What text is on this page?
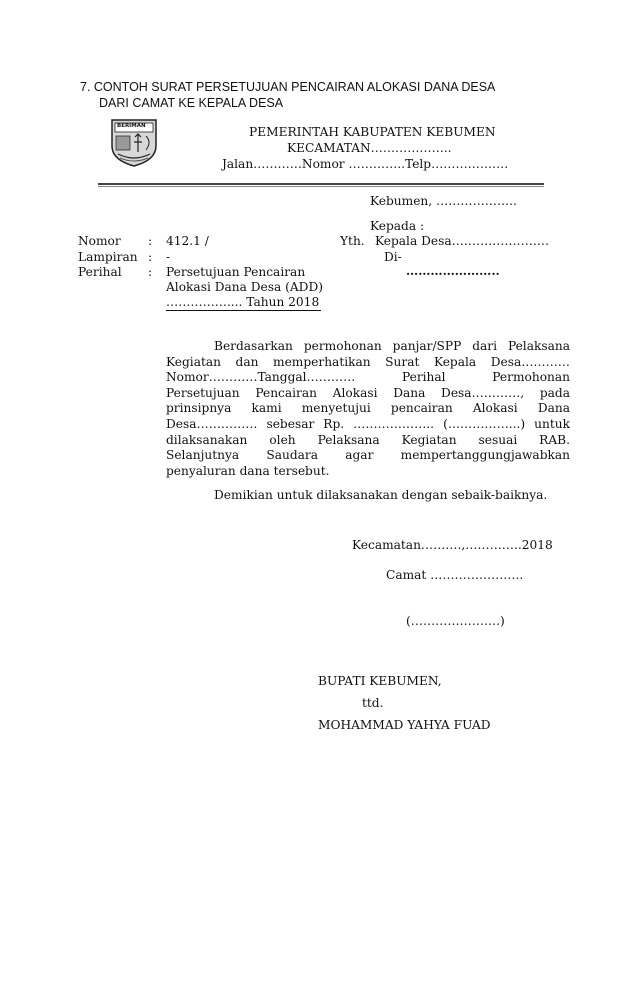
7. CONTOH SURAT PERSETUJUAN PENCAIRAN ALOKASI DANA DESA
DARI CAMAT KE KEPALA DESA
BERIMAN	PEMERINTAH KABUPATEN KEBUMEN
KECAMATAN………………..
Jalan…………Nomor …………..Telp……………….
Kebumen, ………………..
Kepada :
Yth. Kepala Desa……………………
Di-
…………………..
Nomor : 412.1 /
Lampiran : -
Perihal : Persetujuan Pencairan
Alokasi Dana Desa (ADD)
…………….... Tahun 2018
Berdasarkan permohonan panjar/SPP dari Pelaksana
Kegiatan dan memperhatikan Surat Kepala Desa…………
Nomor…………Tanggal………… Perihal Permohonan
Persetujuan Pencairan Alokasi Dana Desa…………, pada
prinsipnya kami menyetujui pencairan Alokasi Dana
Desa…………… sebesar Rp. ……………….. (……………...) untuk
dilaksanakan oleh Pelaksana Kegiatan sesuai RAB.
Selanjutnya Saudara agar mempertanggungjawabkan
penyaluran dana tersebut.
Demikian untuk dilaksanakan dengan sebaik-baiknya.
Kecamatan……….,…………..2018
Camat …………………..
(………………….)
BUPATI KEBUMEN,
ttd.
MOHAMMAD YAHYA FUAD
